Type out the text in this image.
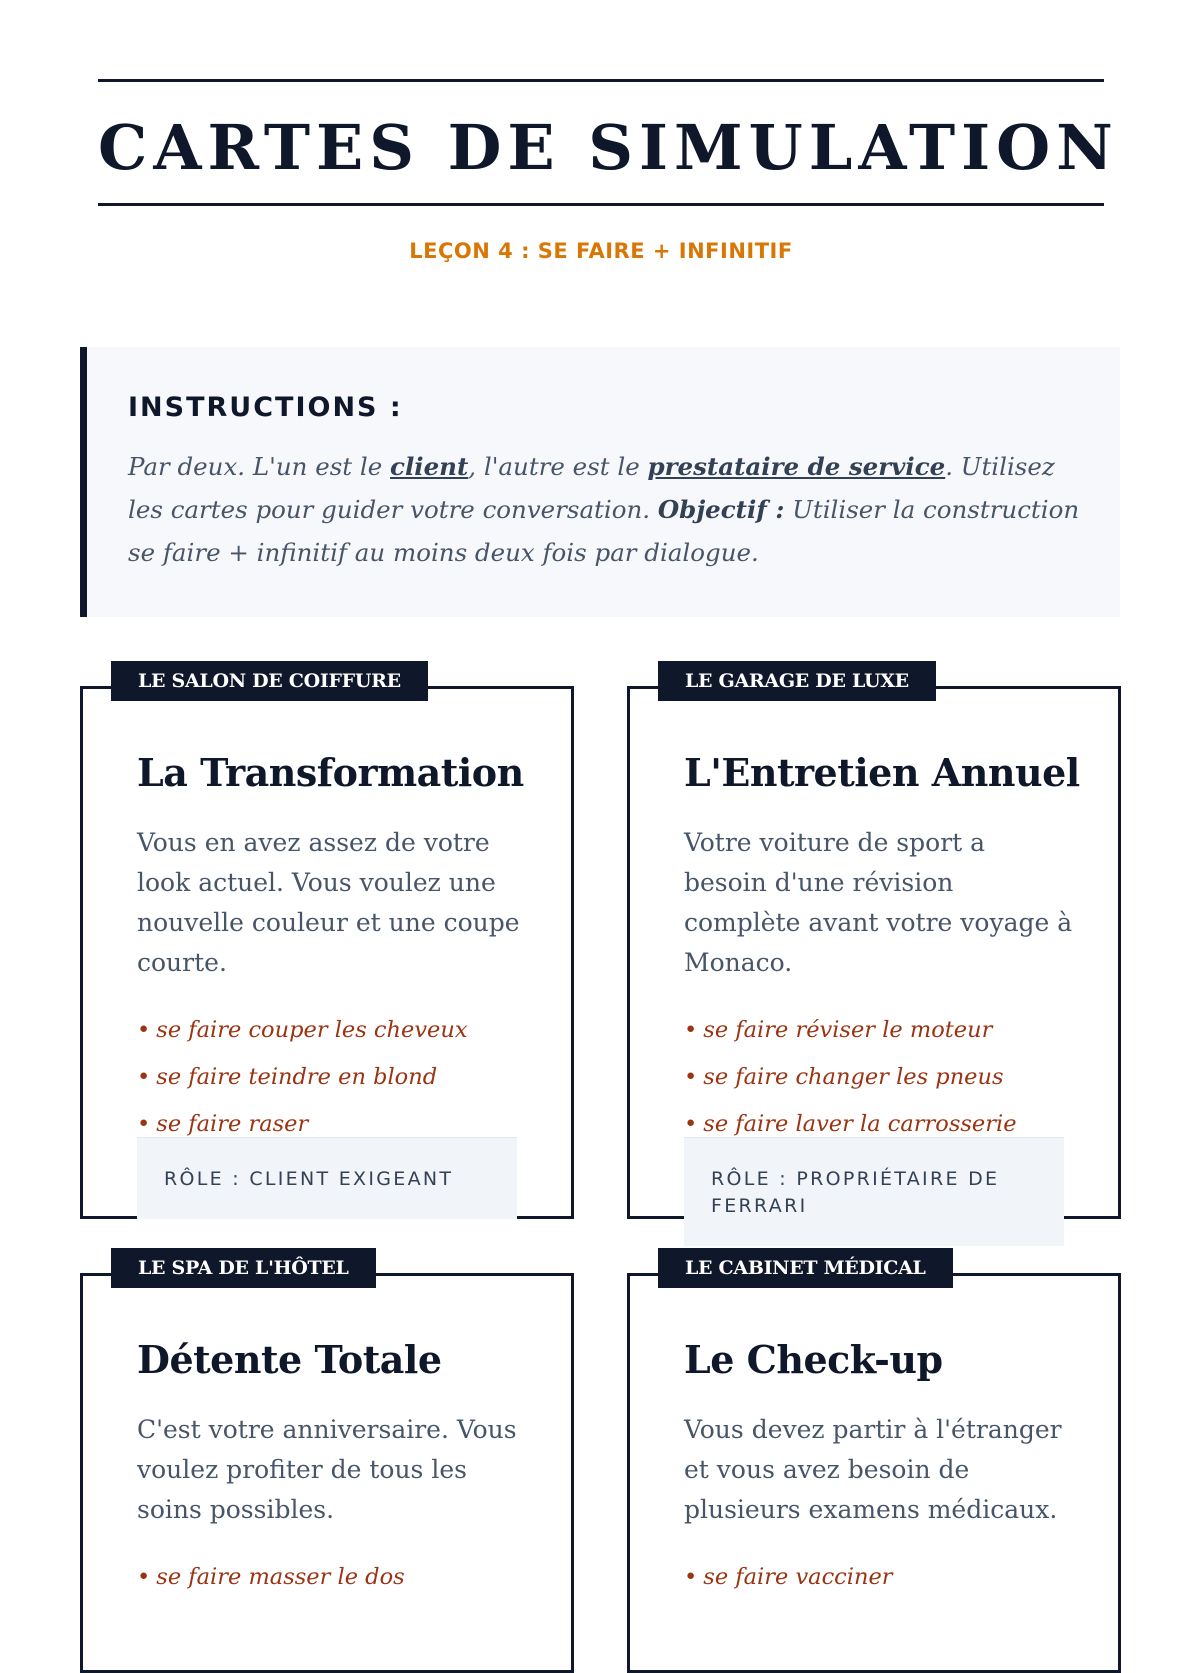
CARTES DE SIMULATION
LEÇON 4 : SE FAIRE + INFINITIF
INSTRUCTIONS :

Par deux. L'un est le client, l'autre est le prestataire de service. Utilisez les cartes pour guider votre conversation. Objectif : Utiliser la construction se faire + infinitif au moins deux fois par dialogue.

LE SALON DE COIFFURE
La Transformation

Vous en avez assez de votre look actuel. Vous voulez une nouvelle couleur et une coupe courte.

• se faire couper les cheveux
• se faire teindre en blond
• se faire raser
RÔLE : CLIENT EXIGEANT
LE GARAGE DE LUXE
L'Entretien Annuel

Votre voiture de sport a besoin d'une révision complète avant votre voyage à Monaco.

• se faire réviser le moteur
• se faire changer les pneus
• se faire laver la carrosserie
RÔLE : PROPRIÉTAIRE DE FERRARI
LE SPA DE L'HÔTEL
Détente Totale

C'est votre anniversaire. Vous voulez profiter de tous les soins possibles.

• se faire masser le dos
LE CABINET MÉDICAL
Le Check-up

Vous devez partir à l'étranger et vous avez besoin de plusieurs examens médicaux.

• se faire vacciner
